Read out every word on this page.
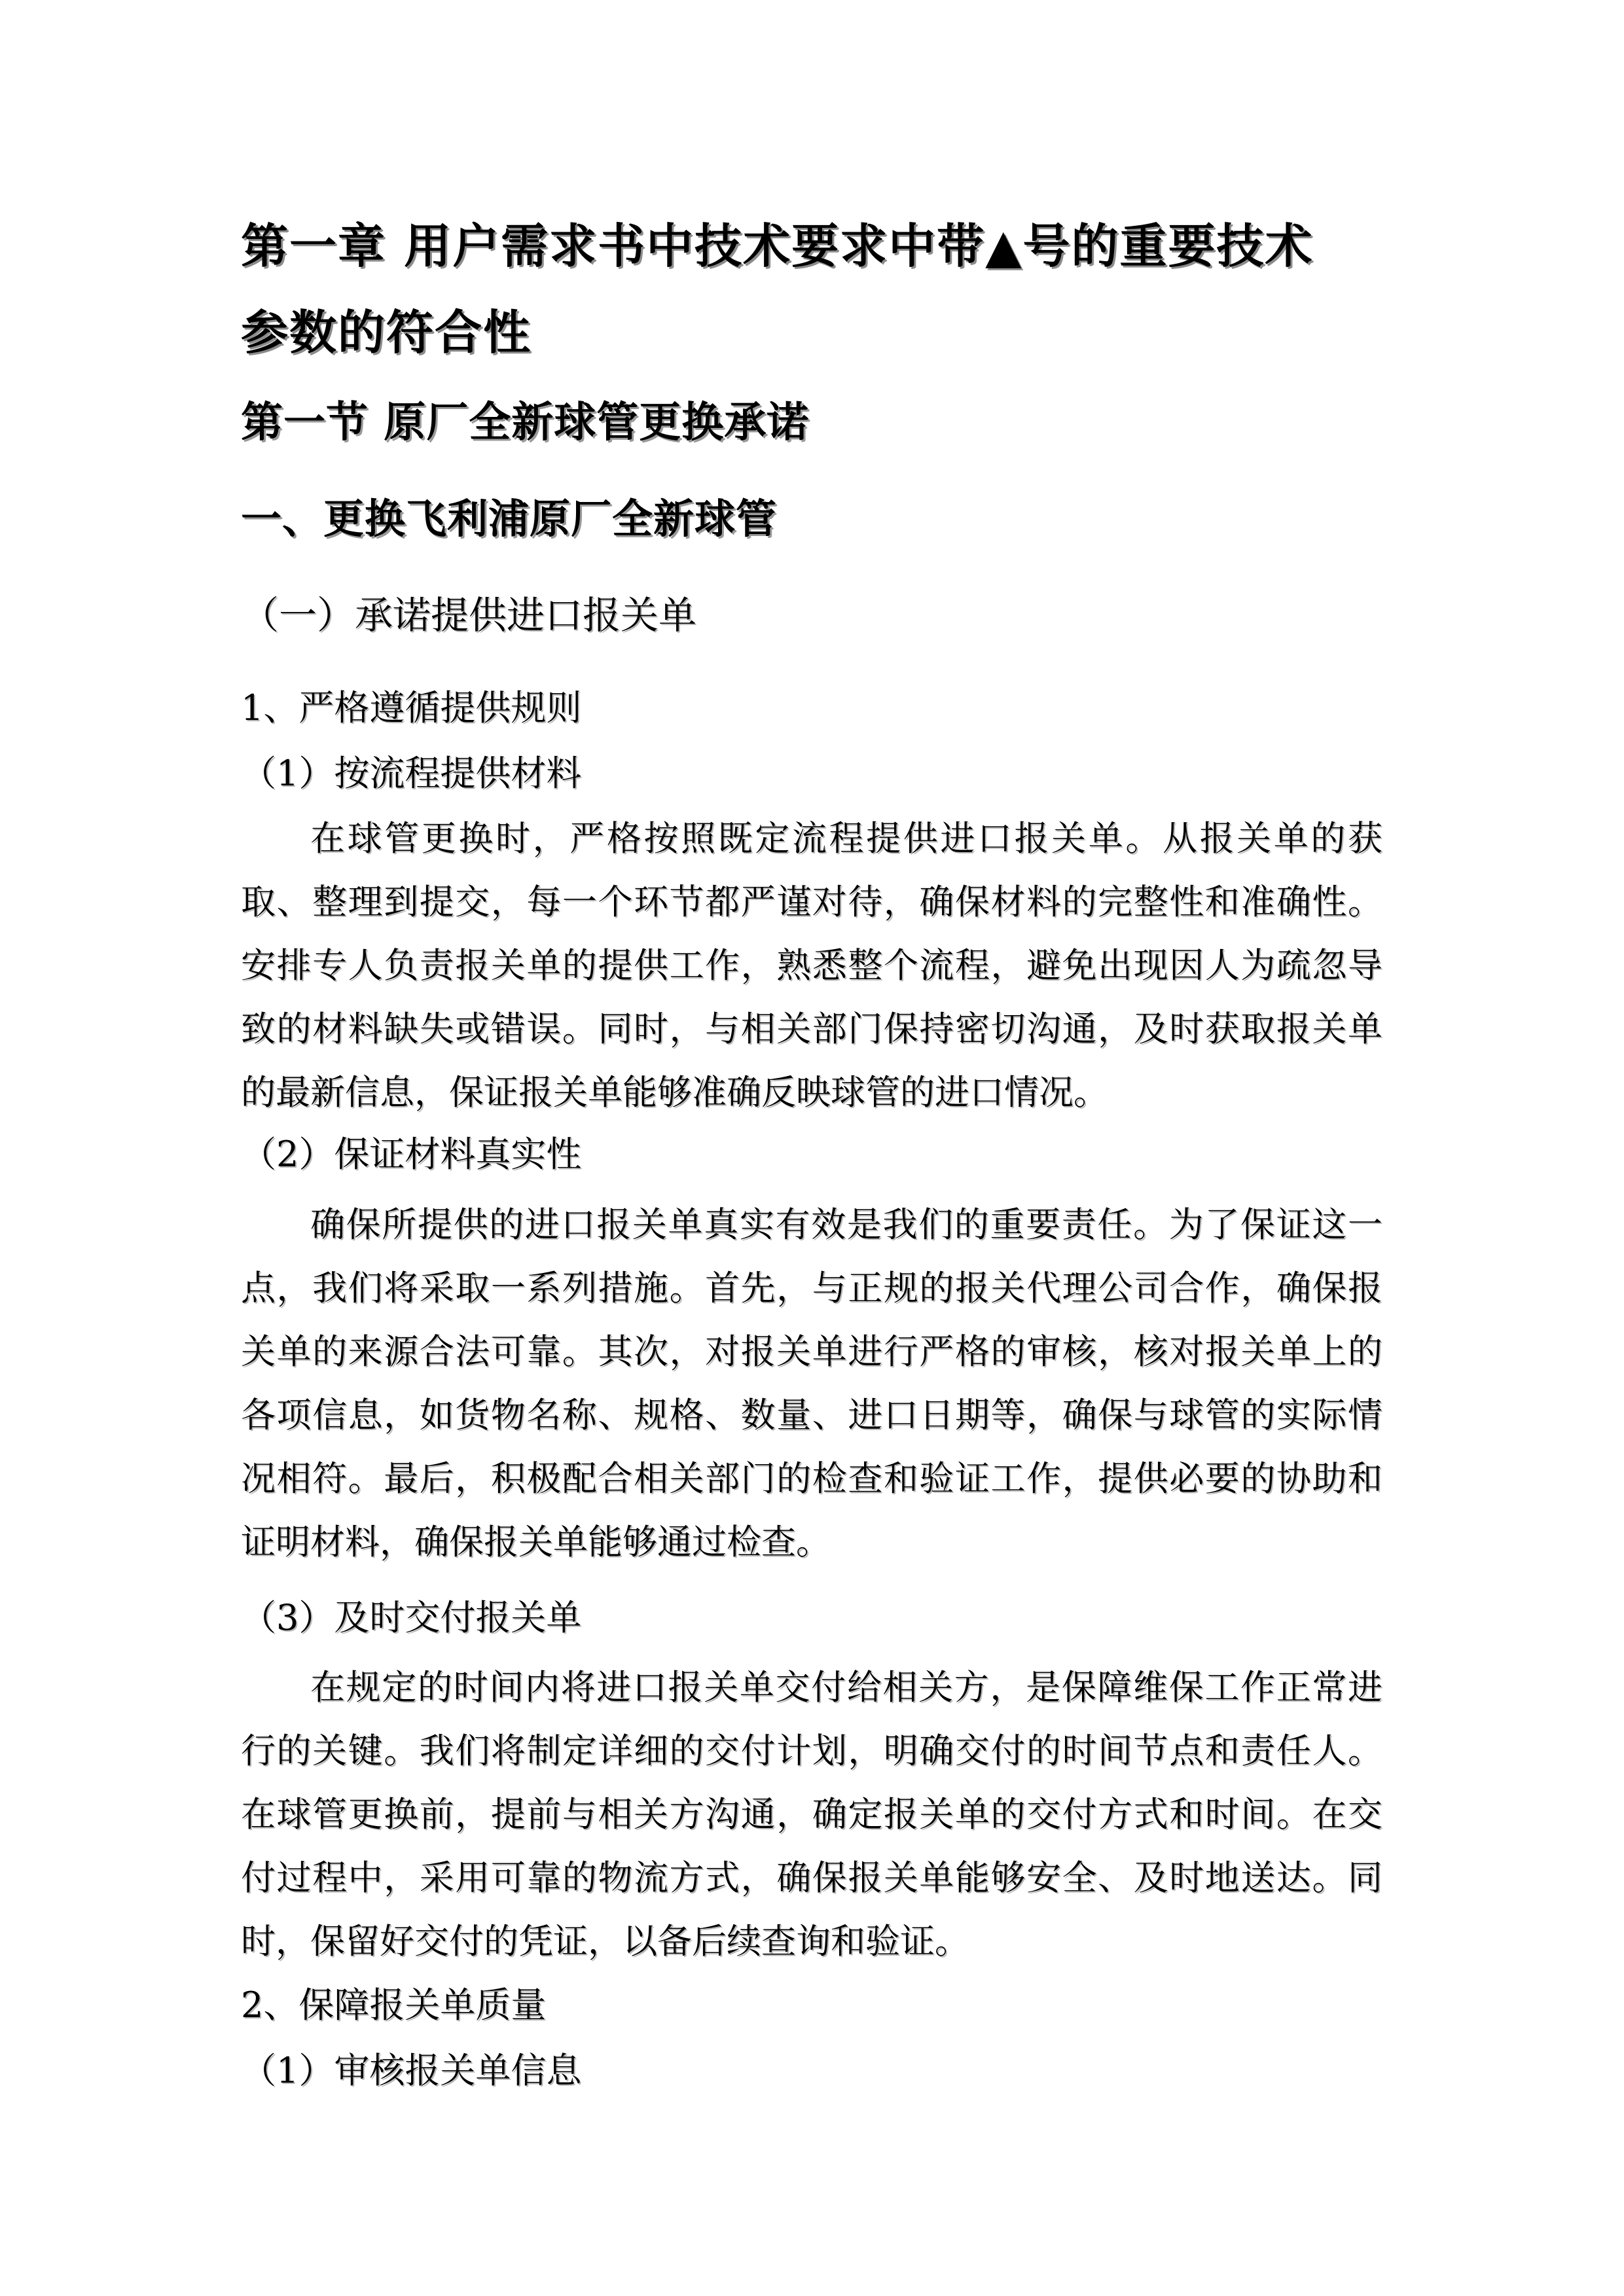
第一章 用户需求书中技术要求中带▲号的重要技术
参数的符合性
第一节 原厂全新球管更换承诺
一、更换飞利浦原厂全新球管
（一）承诺提供进口报关单
1、严格遵循提供规则
（1）按流程提供材料

在球管更换时，严格按照既定流程提供进口报关单。从报关单的获取、整理到提交，每一个环节都严谨对待，确保材料的完整性和准确性。安排专人负责报关单的提供工作，熟悉整个流程，避免出现因人为疏忽导致的材料缺失或错误。同时，与相关部门保持密切沟通，及时获取报关单的最新信息，保证报关单能够准确反映球管的进口情况。

（2）保证材料真实性

确保所提供的进口报关单真实有效是我们的重要责任。为了保证这一点，我们将采取一系列措施。首先，与正规的报关代理公司合作，确保报关单的来源合法可靠。其次，对报关单进行严格的审核，核对报关单上的各项信息，如货物名称、规格、数量、进口日期等，确保与球管的实际情况相符。最后，积极配合相关部门的检查和验证工作，提供必要的协助和证明材料，确保报关单能够通过检查。

（3）及时交付报关单

在规定的时间内将进口报关单交付给相关方，是保障维保工作正常进行的关键。我们将制定详细的交付计划，明确交付的时间节点和责任人。在球管更换前，提前与相关方沟通，确定报关单的交付方式和时间。在交付过程中，采用可靠的物流方式，确保报关单能够安全、及时地送达。同时，保留好交付的凭证，以备后续查询和验证。

2、保障报关单质量
（1）审核报关单信息
